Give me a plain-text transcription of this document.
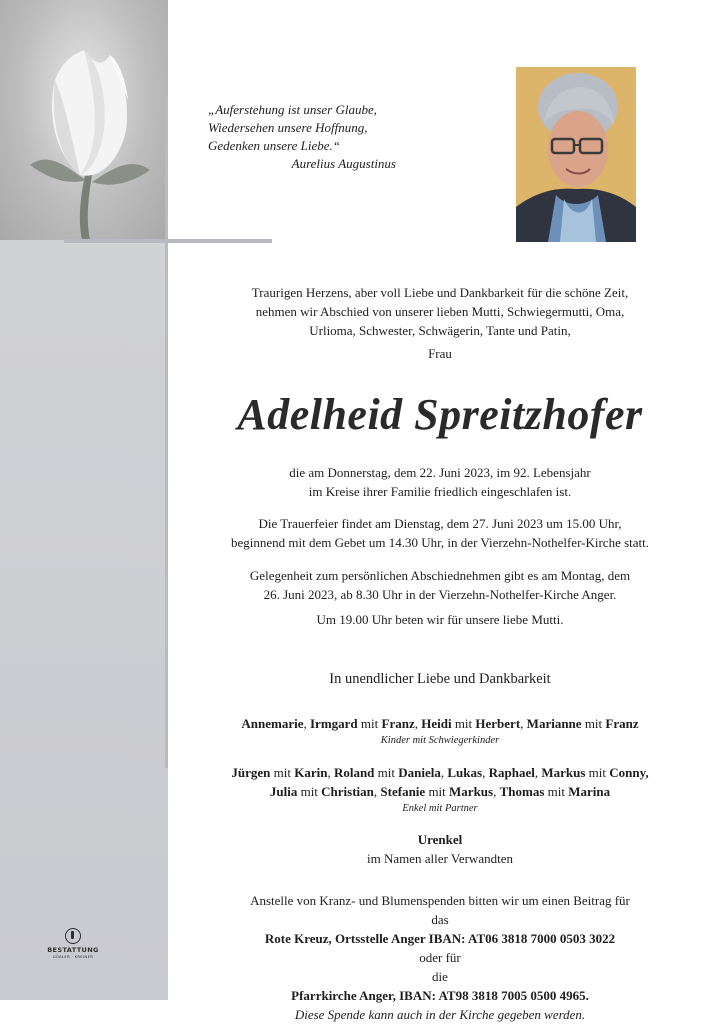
„Auferstehung ist unser Glaube,
Wiedersehen unsere Hoffnung,
Gedenken unsere Liebe.“
Aurelius Augustinus
Traurigen Herzens, aber voll Liebe und Dankbarkeit für die schöne Zeit,
nehmen wir Abschied von unserer lieben Mutti, Schwiegermutti, Oma,
Urlioma, Schwester, Schwägerin, Tante und Patin,
Frau
Adelheid Spreitzhofer
die am Donnerstag, dem 22. Juni 2023, im 92. Lebensjahr
im Kreise ihrer Familie friedlich eingeschlafen ist.
Die Trauerfeier findet am Dienstag, dem 27. Juni 2023 um 15.00 Uhr,
beginnend mit dem Gebet um 14.30 Uhr, in der Vierzehn-Nothelfer-Kirche statt.
Gelegenheit zum persönlichen Abschiednehmen gibt es am Montag, dem
26. Juni 2023, ab 8.30 Uhr in der Vierzehn-Nothelfer-Kirche Anger.
Um 19.00 Uhr beten wir für unsere liebe Mutti.
In unendlicher Liebe und Dankbarkeit
Annemarie, Irmgard mit Franz, Heidi mit Herbert, Marianne mit Franz
Kinder mit Schwiegerkinder
Jürgen mit Karin, Roland mit Daniela, Lukas, Raphael, Markus mit Conny,
Julia mit Christian, Stefanie mit Markus, Thomas mit Marina
Enkel mit Partner
Urenkel
im Namen aller Verwandten
Anstelle von Kranz- und Blumenspenden bitten wir um einen Beitrag für
das
Rote Kreuz, Ortsstelle Anger IBAN: AT06 3818 7000 0503 3022
oder für
die
Pfarrkirche Anger, IBAN: AT98 3818 7005 0500 4965.
Diese Spende kann auch in der Kirche gegeben werden.
BESTATTUNG
GÖßLER · KREINER
